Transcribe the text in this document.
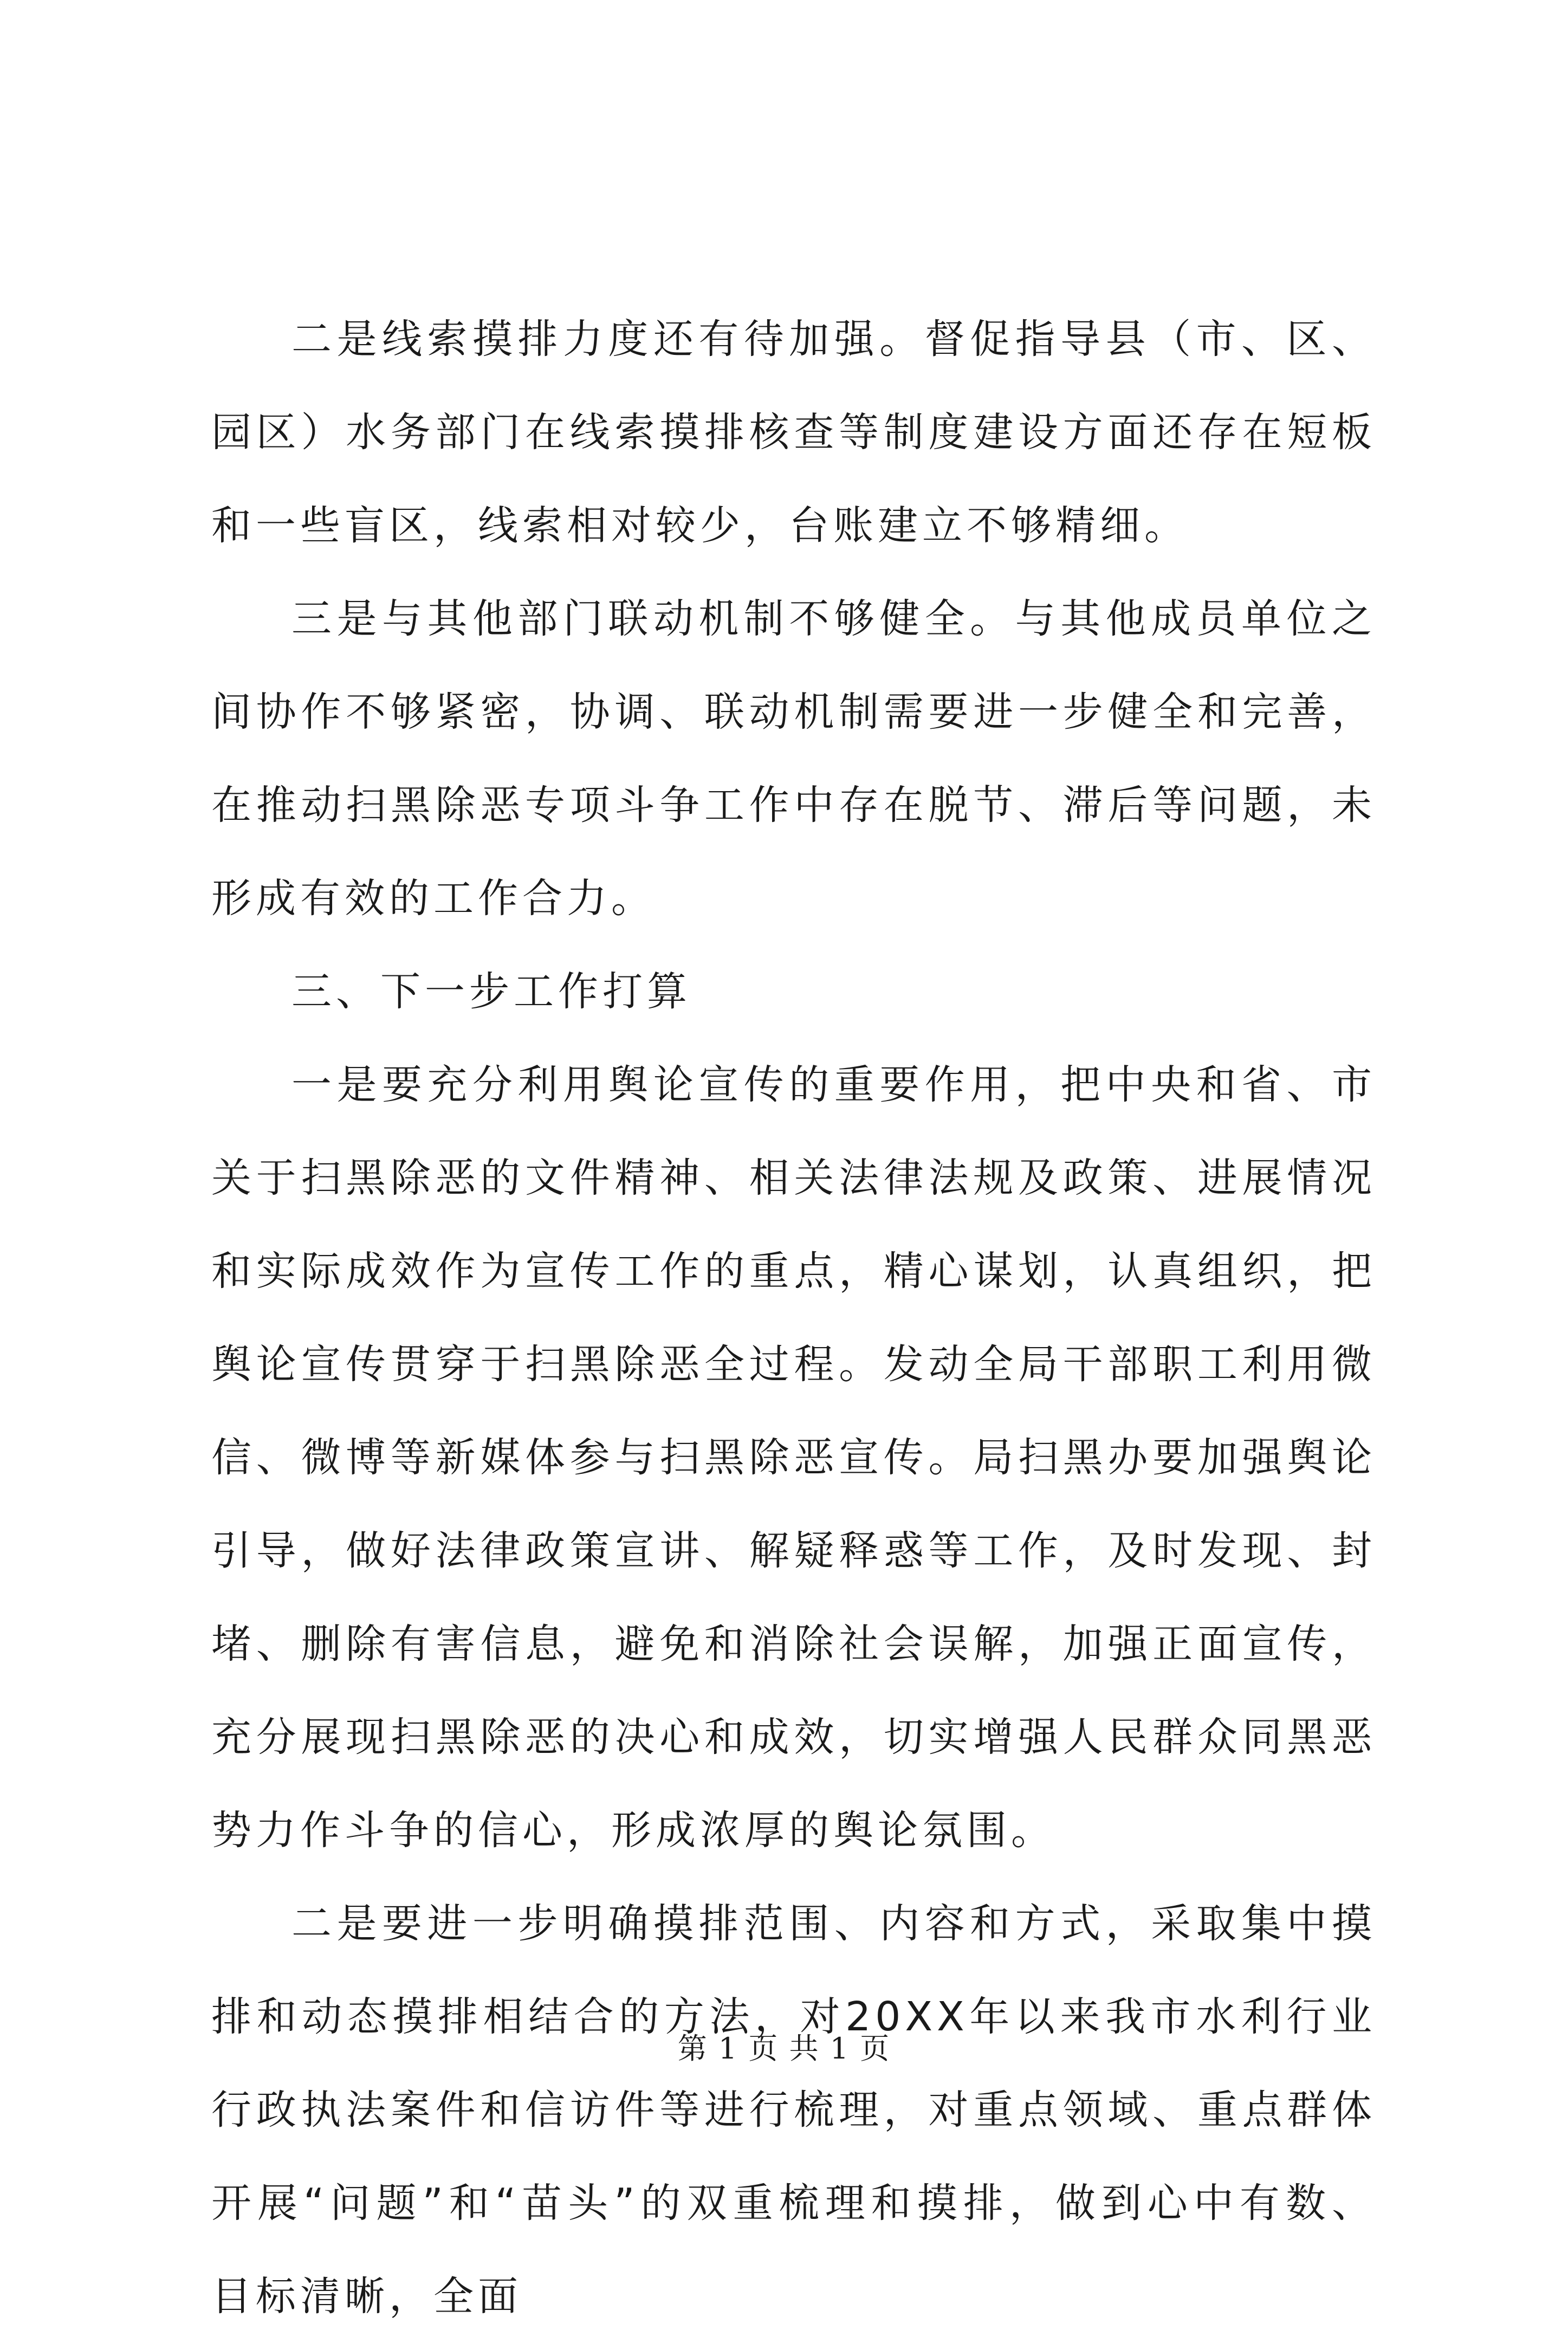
二是线索摸排力度还有待加强。督促指导县（市、区、园区）水务部门在线索摸排核查等制度建设方面还存在短板和一些盲区，线索相对较少，台账建立不够精细。

三是与其他部门联动机制不够健全。与其他成员单位之间协作不够紧密，协调、联动机制需要进一步健全和完善，在推动扫黑除恶专项斗争工作中存在脱节、滞后等问题，未形成有效的工作合力。

三、下一步工作打算

一是要充分利用舆论宣传的重要作用，把中央和省、市关于扫黑除恶的文件精神、相关法律法规及政策、进展情况和实际成效作为宣传工作的重点，精心谋划，认真组织，把舆论宣传贯穿于扫黑除恶全过程。发动全局干部职工利用微信、微博等新媒体参与扫黑除恶宣传。局扫黑办要加强舆论引导，做好法律政策宣讲、解疑释惑等工作，及时发现、封堵、删除有害信息，避免和消除社会误解，加强正面宣传，充分展现扫黑除恶的决心和成效，切实增强人民群众同黑恶势力作斗争的信心，形成浓厚的舆论氛围。

二是要进一步明确摸排范围、内容和方式，采取集中摸排和动态摸排相结合的方法，对20XX年以来我市水利行业行政执法案件和信访件等进行梳理，对重点领域、重点群体开展“问题”和“苗头”的双重梳理和摸排，做到心中有数、目标清晰，全面

第 1 页 共 1 页
